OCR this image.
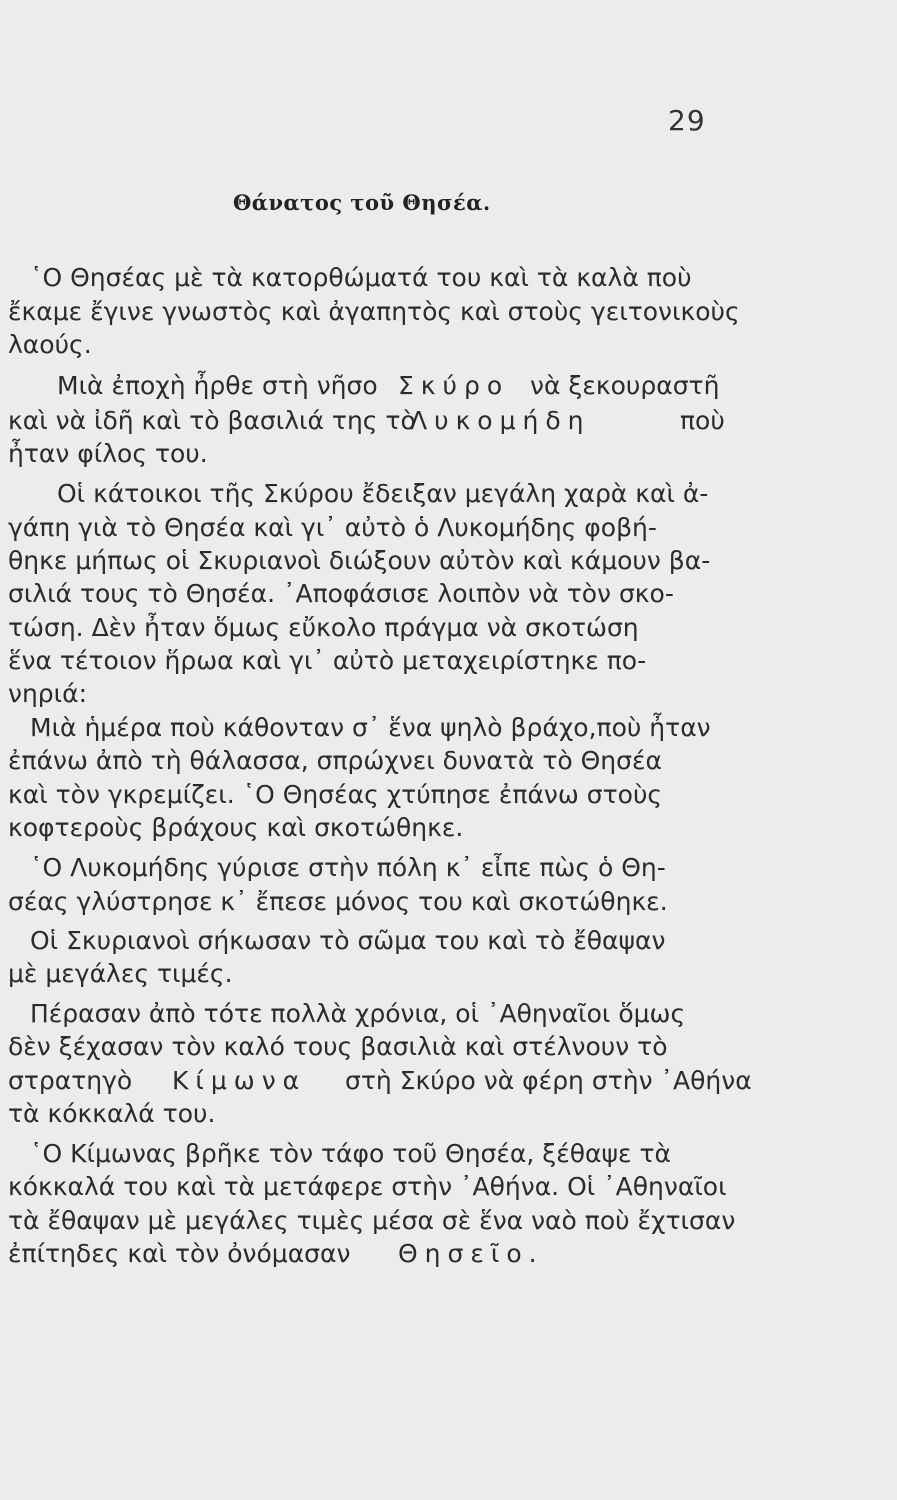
29
Θάνατος τοῦ Θησέα.
῾Ο Θησέας μὲ τὰ κατορθώματά του καὶ τὰ καλὰ ποὺ
ἔκαμε ἔγινε γνωστὸς καὶ ἀγαπητὸς καὶ στοὺς γειτονικοὺς
λαούς.
Μιὰ ἐποχὴ ἦρθε στὴ νῆσο Σκύρο νὰ ξεκουραστῆ
καὶ νὰ ἰδῆ καὶ τὸ βασιλιά της τὸ
Λυκομήδη	ποὺ
ἦταν φίλος του.
Οἱ κάτοικοι τῆς Σκύρου ἔδειξαν μεγάλη χαρὰ καὶ ἀ-
γάπη γιὰ τὸ Θησέα καὶ γι᾽ αὐτὸ ὁ Λυκομήδης φοβή-
θηκε μήπως οἱ Σκυριανοὶ διώξουν αὐτὸν καὶ κάμουν βα-
σιλιά τους τὸ Θησέα. ᾽Αποφάσισε λοιπὸν νὰ τὸν σκο-
τώση. Δὲν ἦταν ὅμως εὔκολο πράγμα νὰ σκοτώση
ἕνα τέτοιον ἥρωα καὶ γι᾽ αὐτὸ μεταχειρίστηκε πο-
νηριά:
Μιὰ ἡμέρα ποὺ κάθονταν σ᾽ ἕνα ψηλὸ βράχο,ποὺ ἦταν
ἐπάνω ἀπὸ τὴ θάλασσα, σπρώχνει δυνατὰ τὸ Θησέα
καὶ τὸν γκρεμίζει. ῾Ο Θησέας χτύπησε ἐπάνω στοὺς
κοφτεροὺς βράχους καὶ σκοτώθηκε.
῾Ο Λυκομήδης γύρισε στὴν πόλη κ᾽ εἶπε πὼς ὁ Θη-
σέας γλύστρησε κ᾽ ἔπεσε μόνος του καὶ σκοτώθηκε.
Οἱ Σκυριανοὶ σήκωσαν τὸ σῶμα του καὶ τὸ ἔθαψαν
μὲ μεγάλες τιμές.
Πέρασαν ἀπὸ τότε πολλὰ χρόνια, οἱ ᾽Αθηναῖοι ὅμως
δὲν ξέχασαν τὸν καλό τους βασιλιὰ καὶ στέλνουν τὸ
στρατηγὸ Κίμωνα στὴ Σκύρο νὰ φέρη στὴν ᾽Αθήνα
τὰ κόκκαλά του.
῾Ο Κίμωνας βρῆκε τὸν τάφο τοῦ Θησέα, ξέθαψε τὰ
κόκκαλά του καὶ τὰ μετάφερε στὴν ᾽Αθήνα. Οἱ ᾽Αθηναῖοι
τὰ ἔθαψαν μὲ μεγάλες τιμὲς μέσα σὲ ἕνα ναὸ ποὺ ἔχτισαν
ἐπίτηδες καὶ τὸν ὀνόμασαν Θησεῖο.
